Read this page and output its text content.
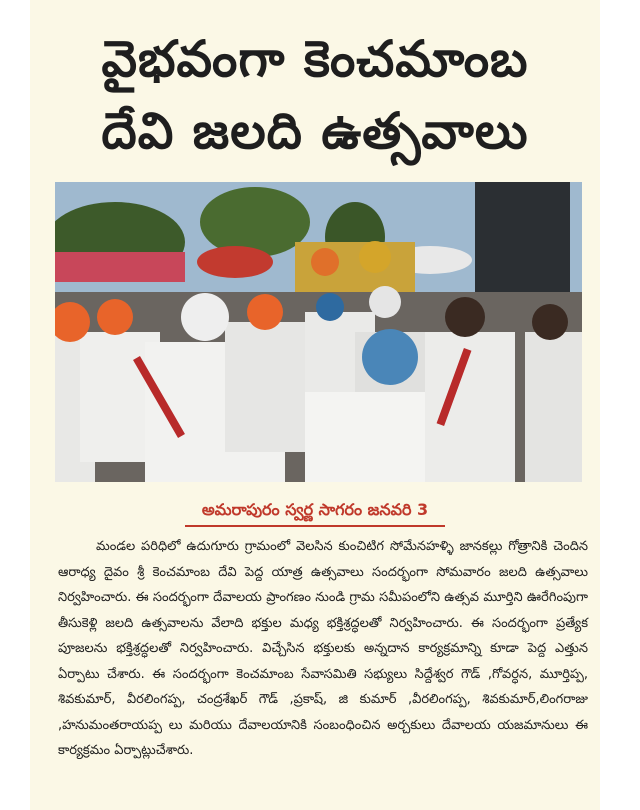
వైభవంగా కెంచమాంబ
దేవి జలది ఉత్సవాలు
అమరాపురం స్వర్ణ సాగరం జనవరి 3
మండల పరిధిలో ఉదుగూరు గ్రామంలో వెలసిన కుంచిటిగ సోమేనహళ్ళి జానకల్లు గోత్రానికి చెందిన ఆరాధ్య దైవం శ్రీ కెంచమాంబ దేవి పెద్ద యాత్ర ఉత్సవాలు సందర్భంగా సోమవారం జలది ఉత్సవాలు నిర్వహించారు. ఈ సందర్భంగా దేవాలయ ప్రాంగణం నుండి గ్రామ సమీపంలోని ఉత్సవ మూర్తిని ఊరేగింపుగా తీసుకెళ్లి జలది ఉత్సవాలను వేలాది భక్తుల మధ్య భక్తిశ్రద్ధలతో నిర్వహించారు. ఈ సందర్భంగా ప్రత్యేక పూజలను భక్తిశ్రద్ధలతో నిర్వహించారు. విచ్చేసిన భక్తులకు అన్నదాన కార్యక్రమాన్ని కూడా పెద్ద ఎత్తున ఏర్పాటు చేశారు. ఈ సందర్భంగా కెంచమాంబ సేవాసమితి సభ్యులు సిద్దేశ్వర గౌడ్ ,గోవర్ధన, మూర్తిప్ప, శివకుమార్, వీరలింగప్ప, చంద్రశేఖర్ గౌడ్ ,ప్రకాష్, జి కుమార్ ,వీరలింగప్ప, శివకుమార్,లింగరాజు ,హనుమంతరాయప్ప లు మరియు దేవాలయానికి సంబంధించిన అర్చకులు దేవాలయ యజమానులు ఈ కార్యక్రమం ఏర్పాట్లుచేశారు.
